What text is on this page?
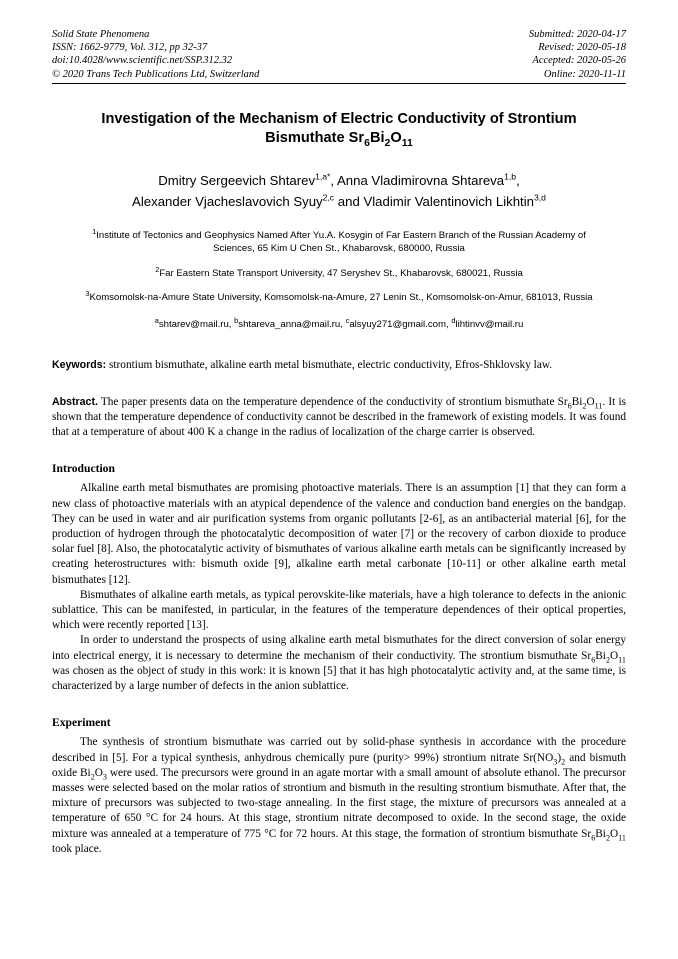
Solid State Phenomena	Submitted: 2020-04-17
ISSN: 1662-9779, Vol. 312, pp 32-37	Revised: 2020-05-18
doi:10.4028/www.scientific.net/SSP.312.32	Accepted: 2020-05-26
© 2020 Trans Tech Publications Ltd, Switzerland	Online: 2020-11-11
Investigation of the Mechanism of Electric Conductivity of Strontium
Bismuthate $Sr_6Bi_2O_{11}$
Dmitry Sergeevich Shtarev$^{1,a*}$, Anna Vladimirovna Shtareva$^{1,b}$,
Alexander Vjacheslavovich Syuy$^{2,c}$ and Vladimir Valentinovich Likhtin$^{3,d}$
$^1$Institute of Tectonics and Geophysics Named After Yu.A. Kosygin of Far Eastern Branch of the Russian Academy of Sciences, 65 Kim U Chen St., Khabarovsk, 680000, Russia
$^2$Far Eastern State Transport University, 47 Seryshev St., Khabarovsk, 680021, Russia
$^3$Komsomolsk-na-Amure State University, Komsomolsk-na-Amure, 27 Lenin St., Komsomolsk-on-Amur, 681013, Russia
$^a$shtarev@mail.ru, $^b$shtareva_anna@mail.ru, $^c$alsyuy271@gmail.com, $^d$lihtinvv@mail.ru
Keywords: strontium bismuthate, alkaline earth metal bismuthate, electric conductivity, Efros-Shklovsky law.
Abstract. The paper presents data on the temperature dependence of the conductivity of strontium bismuthate $Sr_6Bi_2O_{11}$. It is shown that the temperature dependence of conductivity cannot be described in the framework of existing models. It was found that at a temperature of about 400 K a change in the radius of localization of the charge carrier is observed.
Introduction

Alkaline earth metal bismuthates are promising photoactive materials. There is an assumption [1] that they can form a new class of photoactive materials with an atypical dependence of the valence and conduction band energies on the bandgap. They can be used in water and air purification systems from organic pollutants [2-6], as an antibacterial material [6], for the production of hydrogen through the photocatalytic decomposition of water [7] or the recovery of carbon dioxide to produce solar fuel [8]. Also, the photocatalytic activity of bismuthates of various alkaline earth metals can be significantly increased by creating heterostructures with: bismuth oxide [9], alkaline earth metal carbonate [10-11] or other alkaline earth metal bismuthates [12].

Bismuthates of alkaline earth metals, as typical perovskite-like materials, have a high tolerance to defects in the anionic sublattice. This can be manifested, in particular, in the features of the temperature dependences of their optical properties, which were recently reported [13].

In order to understand the prospects of using alkaline earth metal bismuthates for the direct conversion of solar energy into electrical energy, it is necessary to determine the mechanism of their conductivity. The strontium bismuthate $Sr_6Bi_2O_{11}$ was chosen as the object of study in this work: it is known [5] that it has high photocatalytic activity and, at the same time, is characterized by a large number of defects in the anion sublattice.

Experiment

The synthesis of strontium bismuthate was carried out by solid-phase synthesis in accordance with the procedure described in [5]. For a typical synthesis, anhydrous chemically pure (purity> 99%) strontium nitrate $Sr(NO_3)_2$ and bismuth oxide $Bi_2O_3$ were used. The precursors were ground in an agate mortar with a small amount of absolute ethanol. The precursor masses were selected based on the molar ratios of strontium and bismuth in the resulting strontium bismuthate. After that, the mixture of precursors was subjected to two-stage annealing. In the first stage, the mixture of precursors was annealed at a temperature of 650 °C for 24 hours. At this stage, strontium nitrate decomposed to oxide. In the second stage, the oxide mixture was annealed at a temperature of 775 °C for 72 hours. At this stage, the formation of strontium bismuthate $Sr_6Bi_2O_{11}$ took place.
